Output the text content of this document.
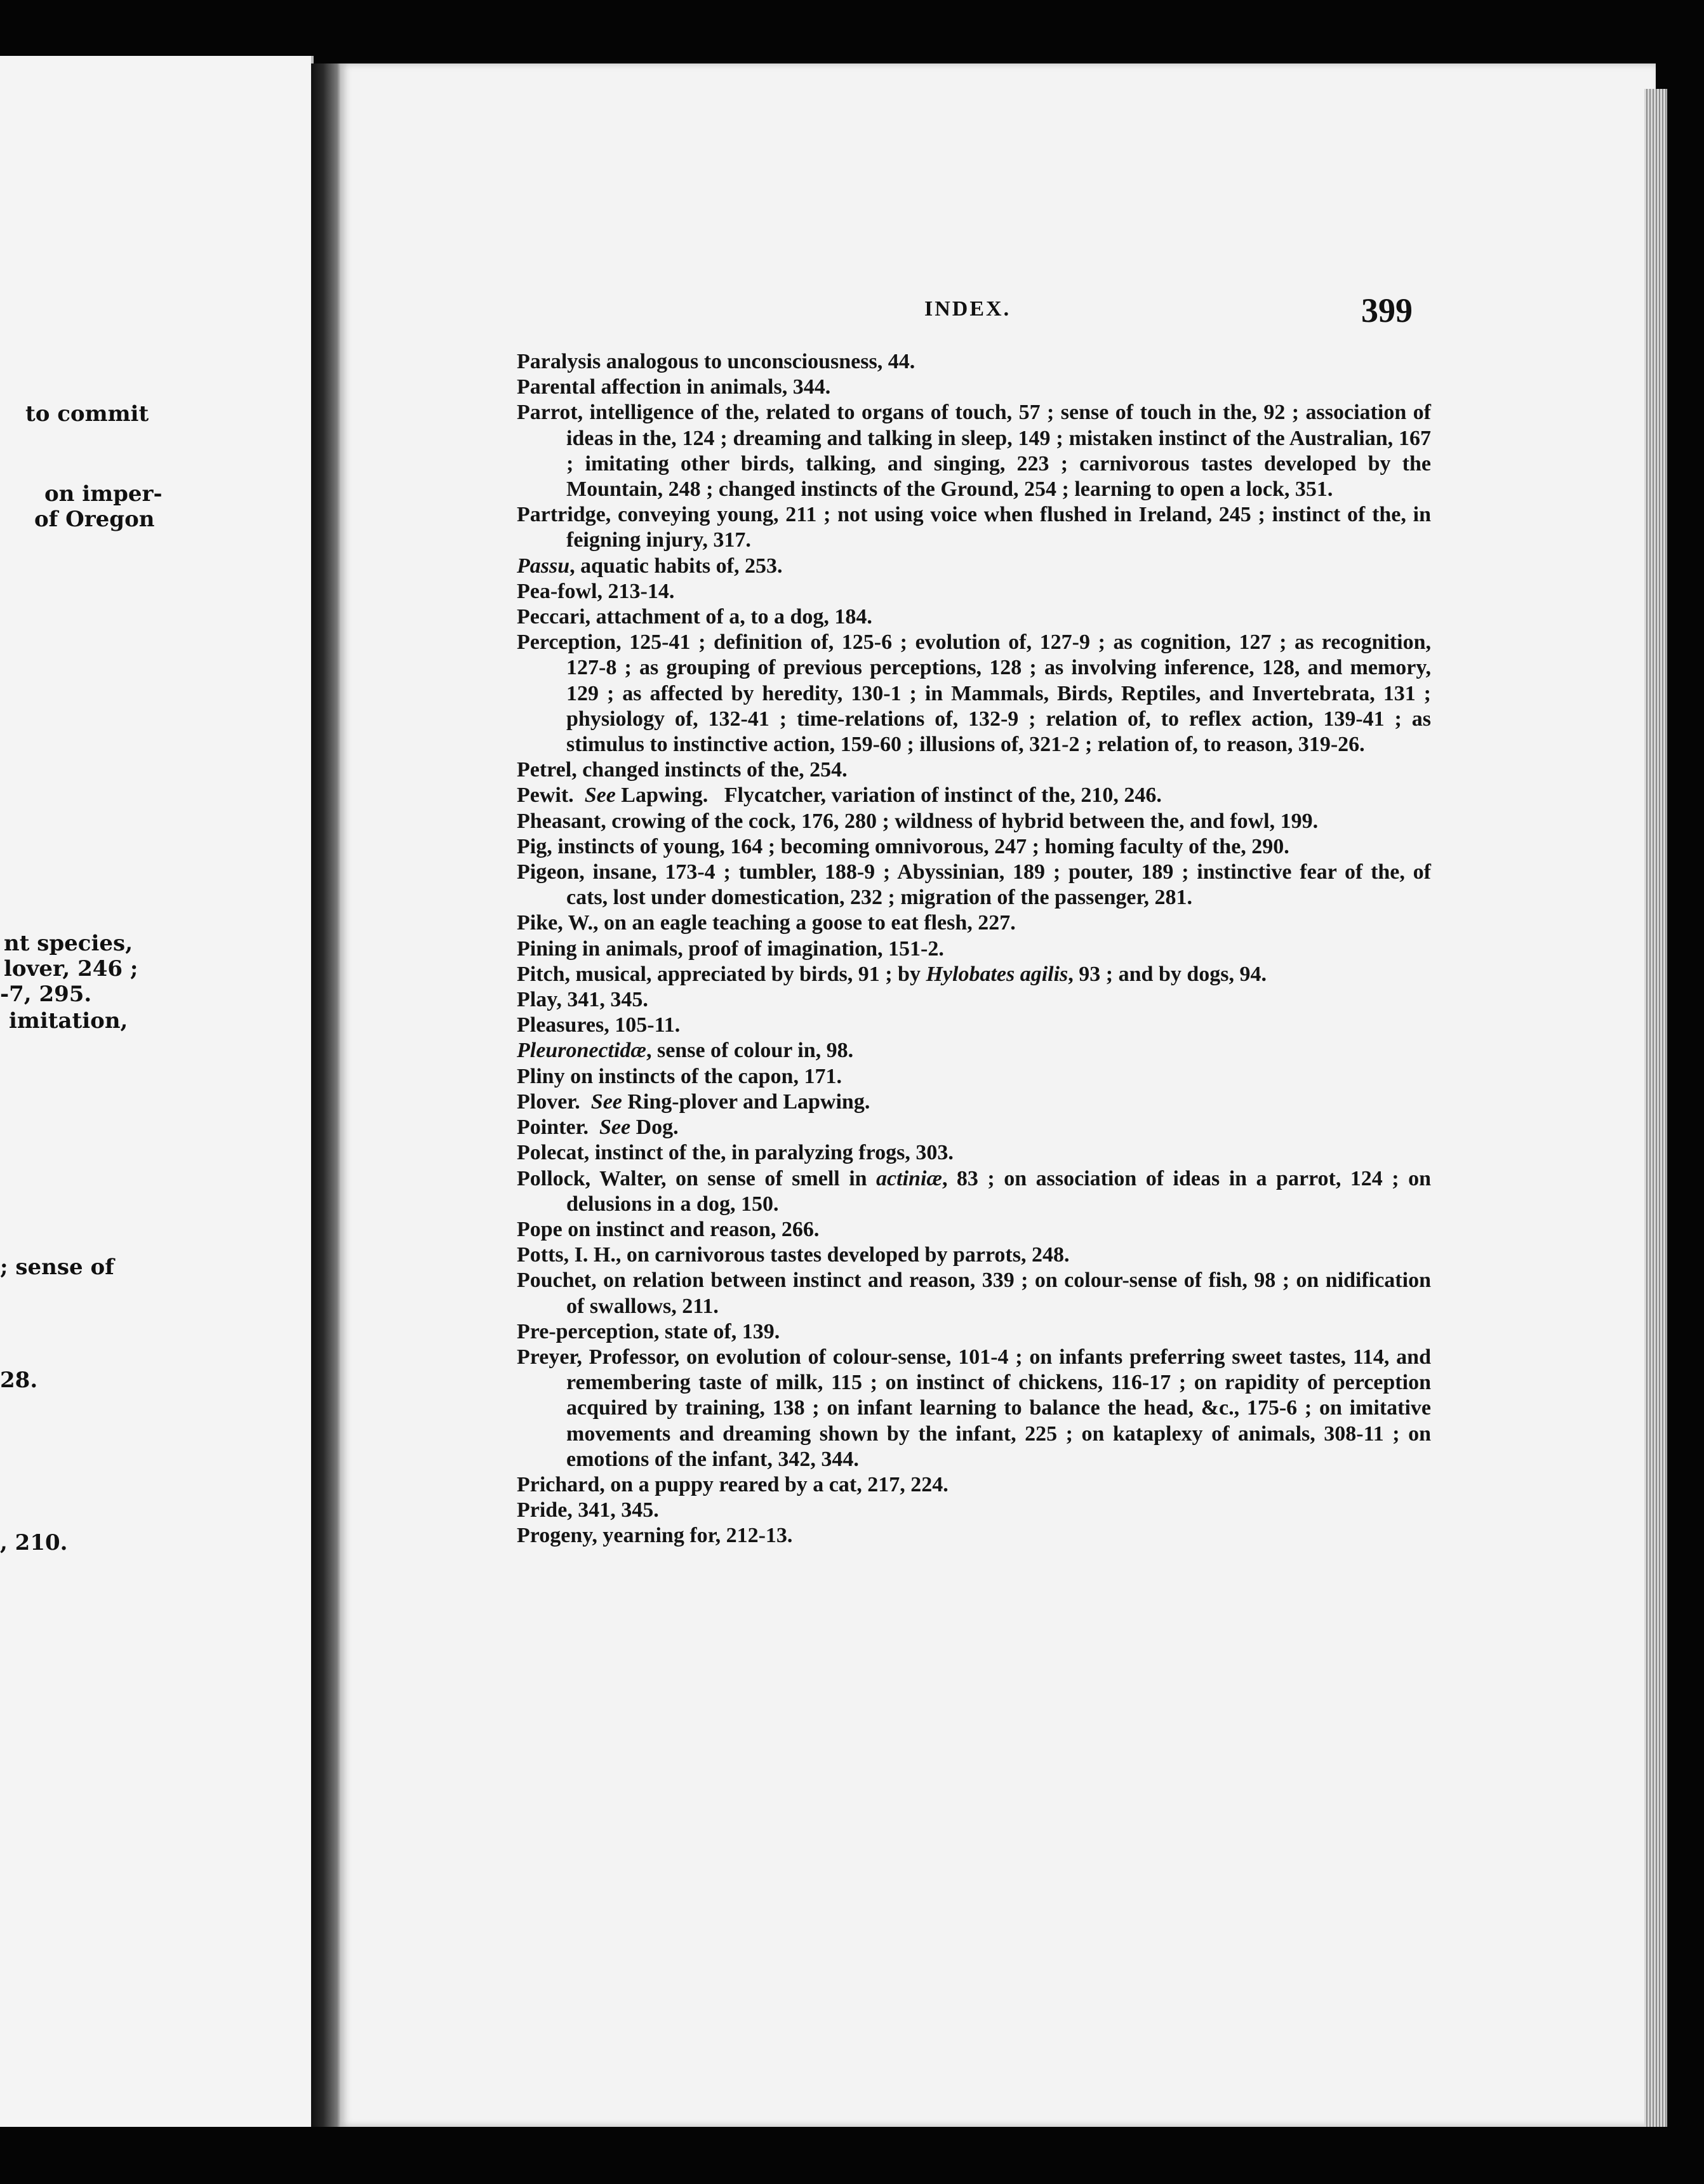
to commit
on imper-
of Oregon
nt species,
lover, 246 ;
-7, 295.
imitation,
; sense of
28.
, 210.
INDEX.	399
Paralysis analogous to unconsciousness, 44.
Parental affection in animals, 344.
Parrot, intelligence of the, related to organs of touch, 57 ; sense of touch in the, 92 ; association of ideas in the, 124 ; dreaming and talking in sleep, 149 ; mistaken instinct of the Australian, 167 ; imitating other birds, talking, and singing, 223 ; carnivorous tastes developed by the Mountain, 248 ; changed instincts of the Ground, 254 ; learning to open a lock, 351.
Partridge, conveying young, 211 ; not using voice when flushed in Ireland, 245 ; instinct of the, in feigning injury, 317.
Passu, aquatic habits of, 253.
Pea-fowl, 213-14.
Peccari, attachment of a, to a dog, 184.
Perception, 125-41 ; definition of, 125-6 ; evolution of, 127-9 ; as cognition, 127 ; as recognition, 127-8 ; as grouping of previous perceptions, 128 ; as involving inference, 128, and memory, 129 ; as affected by heredity, 130-1 ; in Mammals, Birds, Reptiles, and Invertebrata, 131 ; physiology of, 132-41 ; time-relations of, 132-9 ; relation of, to reflex action, 139-41 ; as stimulus to instinctive action, 159-60 ; illusions of, 321-2 ; relation of, to reason, 319-26.
Petrel, changed instincts of the, 254.
Pewit.  See Lapwing.   Flycatcher, variation of instinct of the, 210, 246.
Pheasant, crowing of the cock, 176, 280 ; wildness of hybrid between the, and fowl, 199.
Pig, instincts of young, 164 ; becoming omnivorous, 247 ; homing faculty of the, 290.
Pigeon, insane, 173-4 ; tumbler, 188-9 ; Abyssinian, 189 ; pouter, 189 ; instinctive fear of the, of cats, lost under domestication, 232 ; migration of the passenger, 281.
Pike, W., on an eagle teaching a goose to eat flesh, 227.
Pining in animals, proof of imagination, 151-2.
Pitch, musical, appreciated by birds, 91 ; by Hylobates agilis, 93 ; and by dogs, 94.
Play, 341, 345.
Pleasures, 105-11.
Pleuronectidæ, sense of colour in, 98.
Pliny on instincts of the capon, 171.
Plover.  See Ring-plover and Lapwing.
Pointer.  See Dog.
Polecat, instinct of the, in paralyzing frogs, 303.
Pollock, Walter, on sense of smell in actiniæ, 83 ; on association of ideas in a parrot, 124 ; on delusions in a dog, 150.
Pope on instinct and reason, 266.
Potts, I. H., on carnivorous tastes developed by parrots, 248.
Pouchet, on relation between instinct and reason, 339 ; on colour-sense of fish, 98 ; on nidification of swallows, 211.
Pre-perception, state of, 139.
Preyer, Professor, on evolution of colour-sense, 101-4 ; on infants preferring sweet tastes, 114, and remembering taste of milk, 115 ; on instinct of chickens, 116-17 ; on rapidity of perception acquired by training, 138 ; on infant learning to balance the head, &c., 175-6 ; on imitative movements and dreaming shown by the infant, 225 ; on kataplexy of animals, 308-11 ; on emotions of the infant, 342, 344.
Prichard, on a puppy reared by a cat, 217, 224.
Pride, 341, 345.
Progeny, yearning for, 212-13.
